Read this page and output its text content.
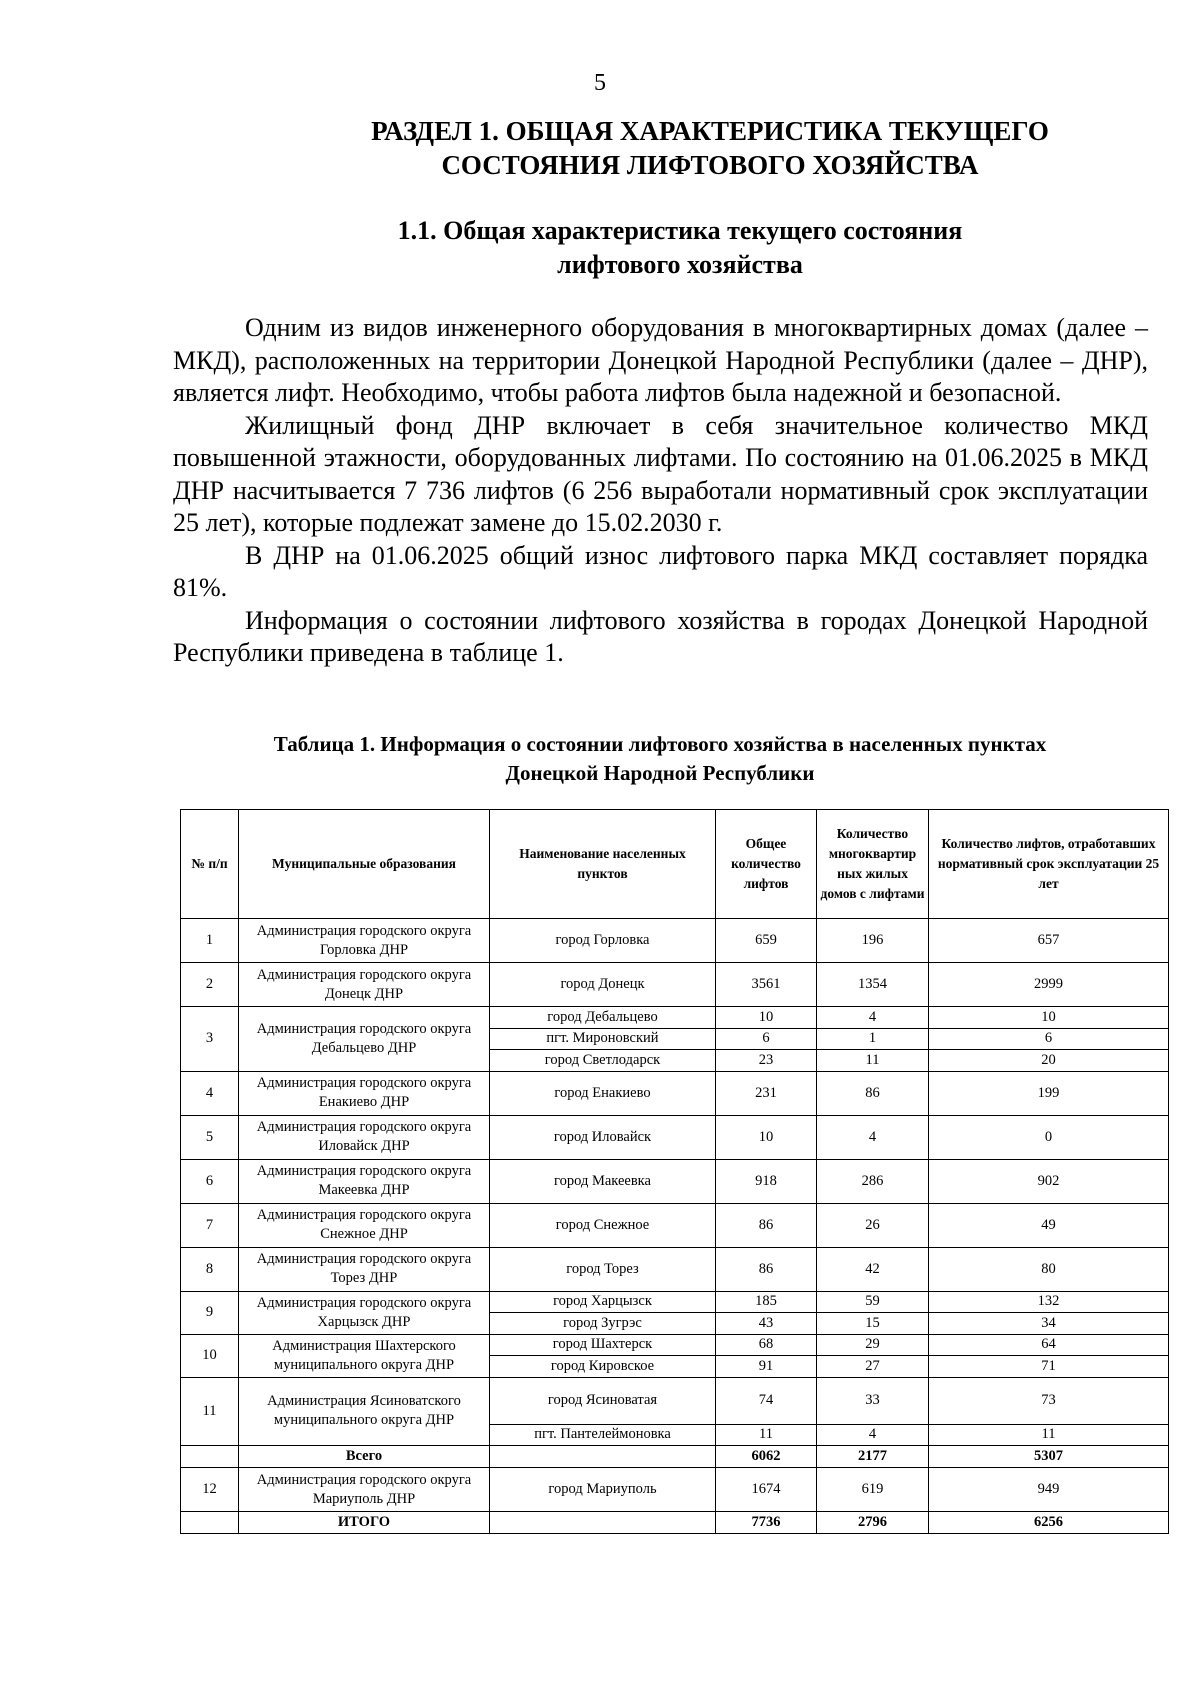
5
РАЗДЕЛ 1. ОБЩАЯ ХАРАКТЕРИСТИКА ТЕКУЩЕГО
СОСТОЯНИЯ ЛИФТОВОГО ХОЗЯЙСТВА
1.1. Общая характеристика текущего состояния
лифтового хозяйства

Одним из видов инженерного оборудования в многоквартирных домах (далее – МКД), расположенных на территории Донецкой Народной Республики (далее – ДНР), является лифт. Необходимо, чтобы работа лифтов была надежной и безопасной.

Жилищный фонд ДНР включает в себя значительное количество МКД повышенной этажности, оборудованных лифтами. По состоянию на 01.06.2025 в МКД ДНР насчитывается 7 736 лифтов (6 256 выработали нормативный срок эксплуатации 25 лет), которые подлежат замене до 15.02.2030 г.

В ДНР на 01.06.2025 общий износ лифтового парка МКД составляет порядка 81%.

Информация о состоянии лифтового хозяйства в городах Донецкой Народной Республики приведена в таблице 1.

Таблица 1. Информация о состоянии лифтового хозяйства в населенных пунктах
Донецкой Народной Республики
№ п/п	Муниципальные образования	Наименование населенных пунктов	Общее количество лифтов	Количество многоквартир ных жилых домов с лифтами	Количество лифтов, отработавших нормативный срок эксплуатации 25 лет
1	Администрация городского округа Горловка ДНР	город Горловка	659	196	657
2	Администрация городского округа Донецк ДНР	город Донецк	3561	1354	2999
3	Администрация городского округа Дебальцево ДНР	город Дебальцево	10	4	10
		пгт. Мироновский	6	1	6
		город Светлодарск	23	11	20
4	Администрация городского округа Енакиево ДНР	город Енакиево	231	86	199
5	Администрация городского округа Иловайск ДНР	город Иловайск	10	4	0
6	Администрация городского округа Макеевка ДНР	город Макеевка	918	286	902
7	Администрация городского округа Снежное ДНР	город Снежное	86	26	49
8	Администрация городского округа Торез ДНР	город Торез	86	42	80
9	Администрация городского округа Харцызск ДНР	город Харцызск	185	59	132
		город Зугрэс	43	15	34
10	Администрация Шахтерского муниципального округа ДНР	город Шахтерск	68	29	64
		город Кировское	91	27	71
11	Администрация Ясиноватского муниципального округа ДНР	город Ясиноватая	74	33	73
		пгт. Пантелеймоновка	11	4	11
	Всего		6062	2177	5307
12	Администрация городского округа Мариуполь ДНР	город Мариуполь	1674	619	949
	ИТОГО		7736	2796	6256
